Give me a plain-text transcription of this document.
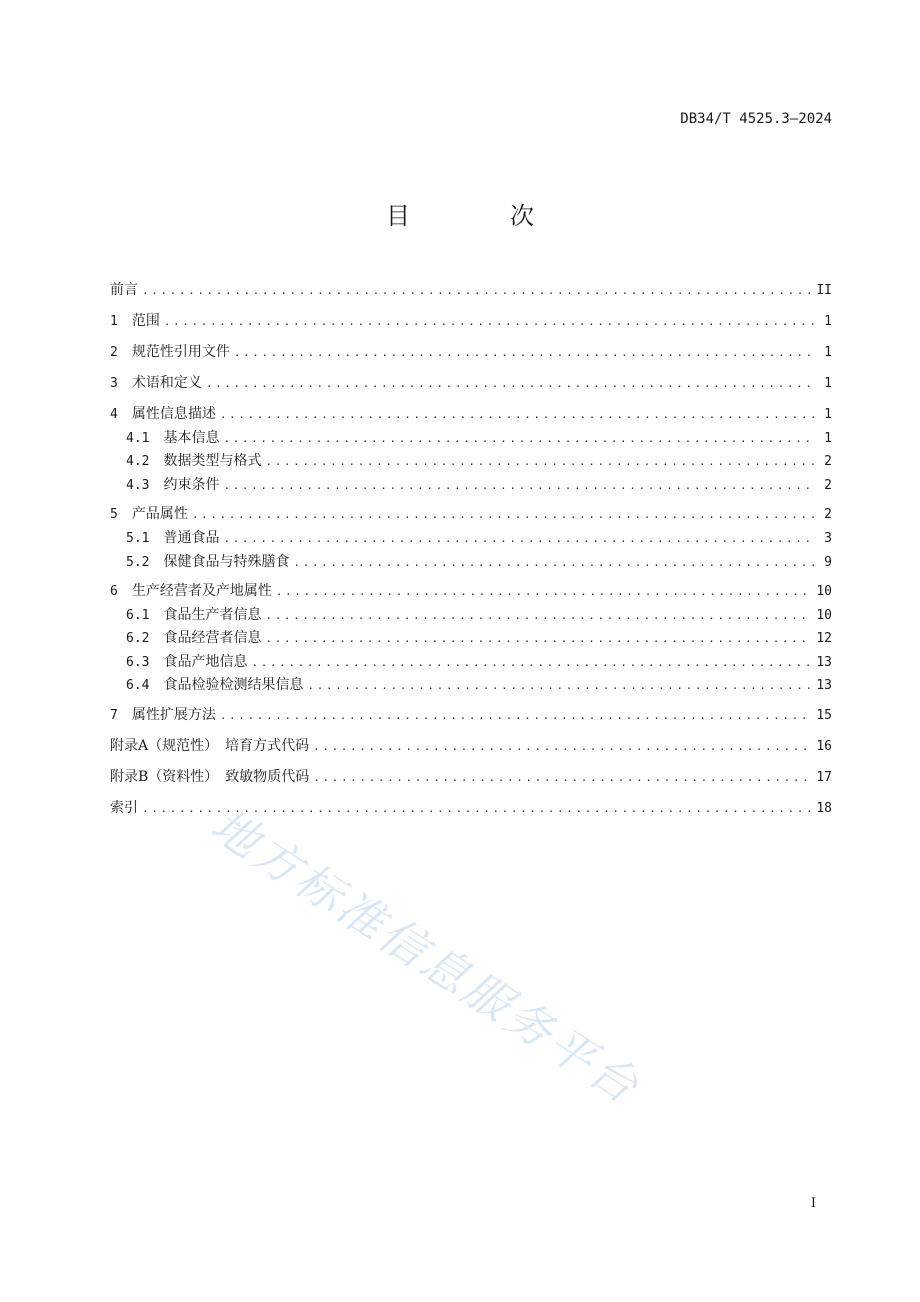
DB34/T 4525.3—2024
目　次
前言 .....	II
1	范围 .....	1
2	规范性引用文件 .....	1
3	术语和定义 .....	1
4	属性信息描述 .....	1
4.1	基本信息 .....	1
4.2	数据类型与格式 .....	2
4.3	约束条件 .....	2
5	产品属性 .....	2
5.1	普通食品 .....	3
5.2	保健食品与特殊膳食 .....	9
6	生产经营者及产地属性 .....	10
6.1	食品生产者信息 .....	10
6.2	食品经营者信息 .....	12
6.3	食品产地信息 .....	13
6.4	食品检验检测结果信息 .....	13
7	属性扩展方法 .....	15
附录A（规范性）　培育方式代码 .....	16
附录B（资料性）　致敏物质代码 .....	17
索引 .....	18
地方标准信息服务平台
I
